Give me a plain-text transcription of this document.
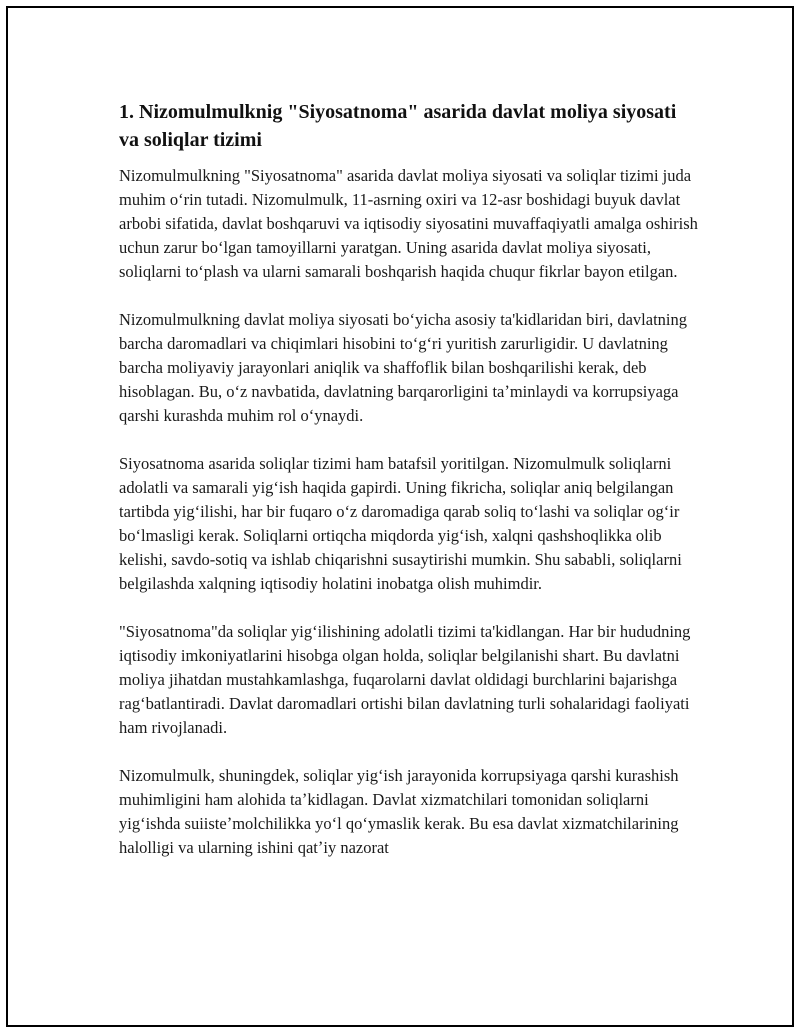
1. Nizomulmulknig "Siyosatnoma" asarida davlat moliya siyosati va soliqlar tizimi

Nizomulmulkning "Siyosatnoma" asarida davlat moliya siyosati va soliqlar tizimi juda muhim oʻrin tutadi. Nizomulmulk, 11-asrning oxiri va 12-asr boshidagi buyuk davlat arbobi sifatida, davlat boshqaruvi va iqtisodiy siyosatini muvaffaqiyatli amalga oshirish uchun zarur boʻlgan tamoyillarni yaratgan. Uning asarida davlat moliya siyosati, soliqlarni toʻplash va ularni samarali boshqarish haqida chuqur fikrlar bayon etilgan.

Nizomulmulkning davlat moliya siyosati boʻyicha asosiy ta'kidlaridan biri, davlatning barcha daromadlari va chiqimlari hisobini toʻgʻri yuritish zarurligidir. U davlatning barcha moliyaviy jarayonlari aniqlik va shaffoflik bilan boshqarilishi kerak, deb hisoblagan. Bu, oʻz navbatida, davlatning barqarorligini taʼminlaydi va korrupsiyaga qarshi kurashda muhim rol oʻynaydi.

Siyosatnoma asarida soliqlar tizimi ham batafsil yoritilgan. Nizomulmulk soliqlarni adolatli va samarali yigʻish haqida gapirdi. Uning fikricha, soliqlar aniq belgilangan tartibda yigʻilishi, har bir fuqaro oʻz daromadiga qarab soliq toʻlashi va soliqlar ogʻir boʻlmasligi kerak. Soliqlarni ortiqcha miqdorda yigʻish, xalqni qashshoqlikka olib kelishi, savdo-sotiq va ishlab chiqarishni susaytirishi mumkin. Shu sababli, soliqlarni belgilashda xalqning iqtisodiy holatini inobatga olish muhimdir.

"Siyosatnoma"da soliqlar yigʻilishining adolatli tizimi ta'kidlangan. Har bir hududning iqtisodiy imkoniyatlarini hisobga olgan holda, soliqlar belgilanishi shart. Bu davlatni moliya jihatdan mustahkamlashga, fuqarolarni davlat oldidagi burchlarini bajarishga ragʻbatlantiradi. Davlat daromadlari ortishi bilan davlatning turli sohalaridagi faoliyati ham rivojlanadi.

Nizomulmulk, shuningdek, soliqlar yigʻish jarayonida korrupsiyaga qarshi kurashish muhimligini ham alohida taʼkidlagan. Davlat xizmatchilari tomonidan soliqlarni yigʻishda suiisteʼmolchilikka yoʻl qoʻymaslik kerak. Bu esa davlat xizmatchilarining halolligi va ularning ishini qatʼiy nazorat
